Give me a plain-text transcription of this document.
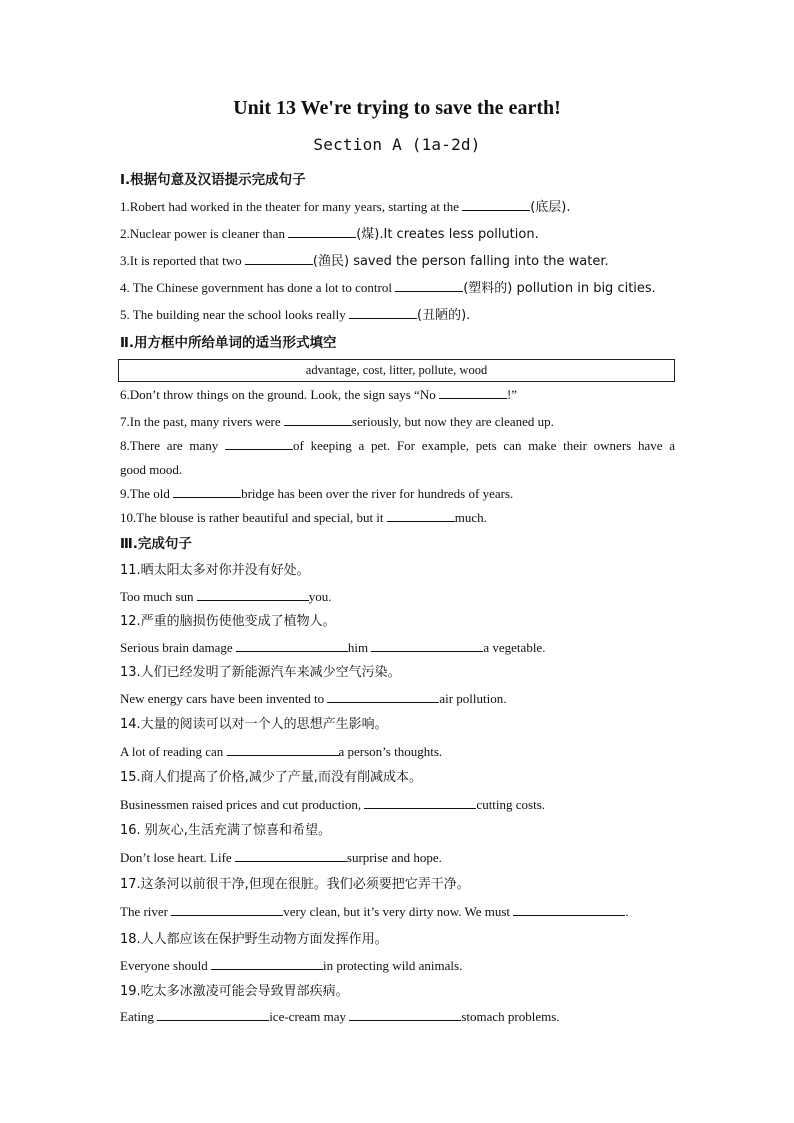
Unit 13 We're trying to save the earth!
Section A (1a-2d)
Ⅰ.根据句意及汉语提示完成句子
1.Robert had worked in the theater for many years, starting at the	(底层).
2.Nuclear power is cleaner than	(煤).It creates less pollution.
3.It is reported that two	(渔民) saved the person falling into the water.
4. The Chinese government has done a lot to control	(塑料的) pollution in big cities.
5. The building near the school looks really	(丑陋的).
Ⅱ.用方框中所给单词的适当形式填空
advantage, cost, litter, pollute, wood
6.Don’t throw things on the ground. Look, the sign says “No	!”
7.In the past, many rivers were	seriously, but now they are cleaned up.
8.There are many	of keeping a pet. For example, pets can make their owners have a
good mood.
9.The old	bridge has been over the river for hundreds of years.
10.The blouse is rather beautiful and special, but it	much.
Ⅲ.完成句子
11.晒太阳太多对你并没有好处。
Too much sun	you.
12.严重的脑损伤使他变成了植物人。
Serious brain damage	him	a vegetable.
13.人们已经发明了新能源汽车来减少空气污染。
New energy cars have been invented to	air pollution.
14.大量的阅读可以对一个人的思想产生影响。
A lot of reading can	a person’s thoughts.
15.商人们提高了价格,减少了产量,而没有削减成本。
Businessmen raised prices and cut production,	cutting costs.
16. 别灰心,生活充满了惊喜和希望。
Don’t lose heart. Life	surprise and hope.
17.这条河以前很干净,但现在很脏。我们必须要把它弄干净。
The river	very clean, but it’s very dirty now. We must	.
18.人人都应该在保护野生动物方面发挥作用。
Everyone should	in protecting wild animals.
19.吃太多冰激凌可能会导致胃部疾病。
Eating	ice-cream may	stomach problems.
